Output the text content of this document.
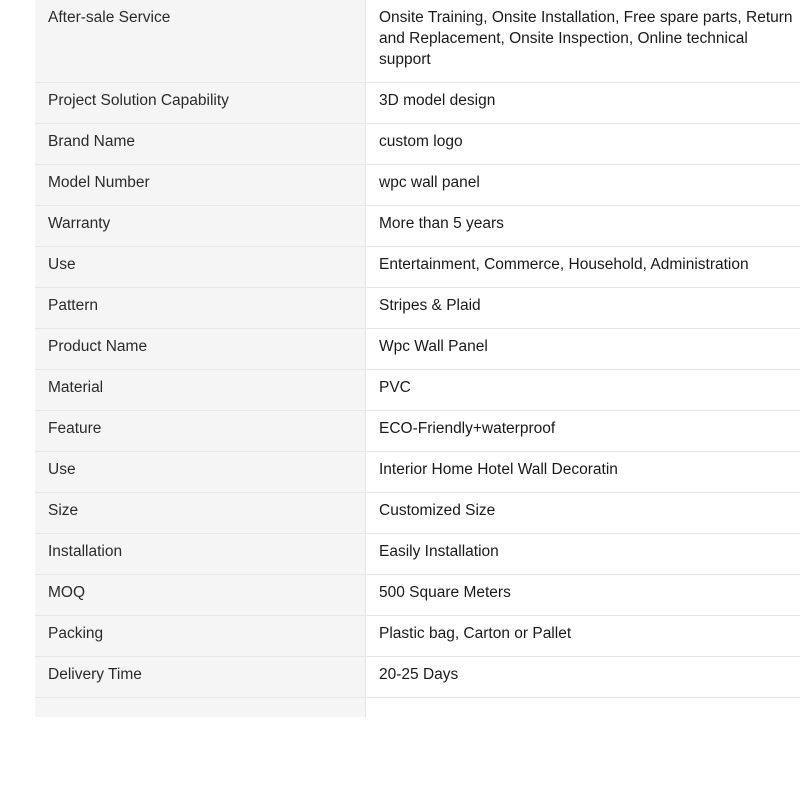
After-sale Service	Onsite Training, Onsite Installation, Free spare parts, Return and Replacement, Onsite Inspection, Online technical support
Project Solution Capability	3D model design
Brand Name	custom logo
Model Number	wpc wall panel
Warranty	More than 5 years
Use	Entertainment, Commerce, Household, Administration
Pattern	Stripes & Plaid
Product Name	Wpc Wall Panel
Material	PVC
Feature	ECO-Friendly+waterproof
Use	Interior Home Hotel Wall Decoratin
Size	Customized Size
Installation	Easily Installation
MOQ	500 Square Meters
Packing	Plastic bag, Carton or Pallet
Delivery Time	20-25 Days
